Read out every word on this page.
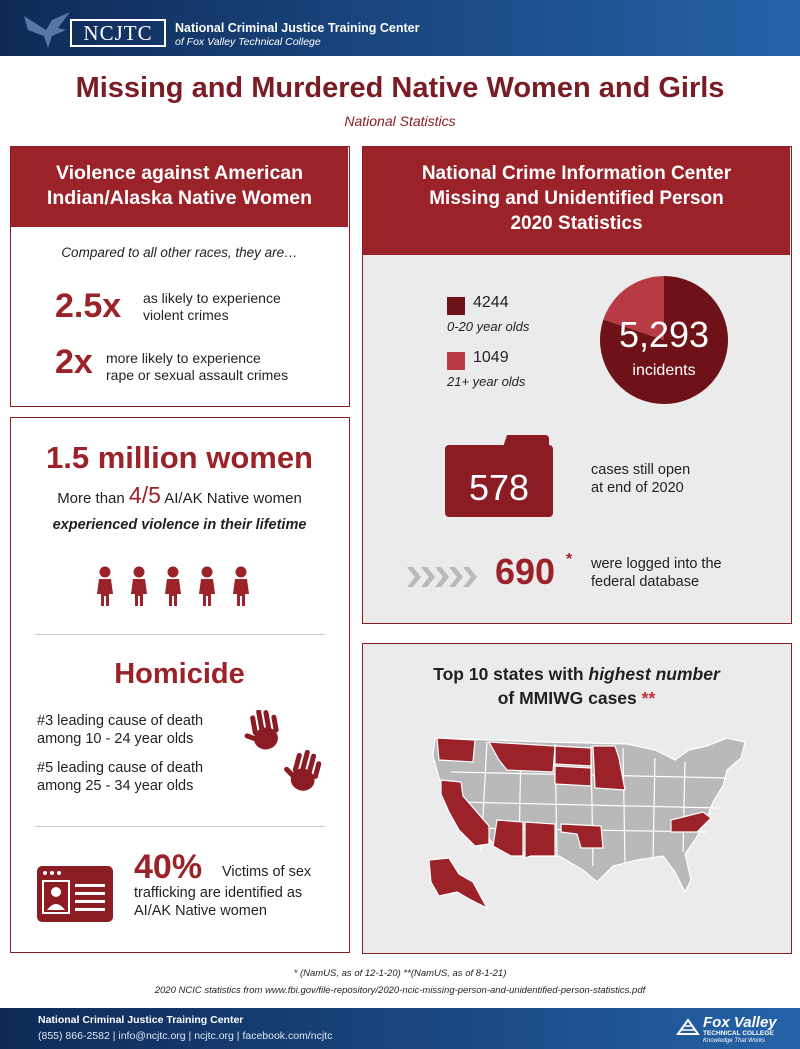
NCJTC	National Criminal Justice Training Center
of Fox Valley Technical College
Missing and Murdered Native Women and Girls
National Statistics
Violence against American
Indian/Alaska Native Women
Compared to all other races, they are…
2.5x as likely to experience
violent crimes
2x more likely to experience
rape or sexual assault crimes
1.5 million women
More than 4/5 AI/AK Native women
experienced violence in their lifetime
Homicide
#3 leading cause of death
among 10 - 24 year olds
#5 leading cause of death
among 25 - 34 year olds
40% Victims of sex
trafficking are identified as
AI/AK Native women
National Crime Information Center
Missing and Unidentified Person
2020 Statistics
4244
0-20 year olds
1049
21+ year olds
5,293
incidents
578	cases still open
at end of 2020
690 * were logged into the
federal database
Top 10 states with highest number
of MMIWG cases **
* (NamUS, as of 12-1-20) **(NamUS, as of 8-1-21)
2020 NCIC statistics from www.fbi.gov/file-repository/2020-ncic-missing-person-and-unidentified-person-statistics.pdf
National Criminal Justice Training Center
(855) 866-2582 | info@ncjtc.org | ncjtc.org | facebook.com/ncjtc
Fox Valley
TECHNICAL COLLEGE
Knowledge That Works
